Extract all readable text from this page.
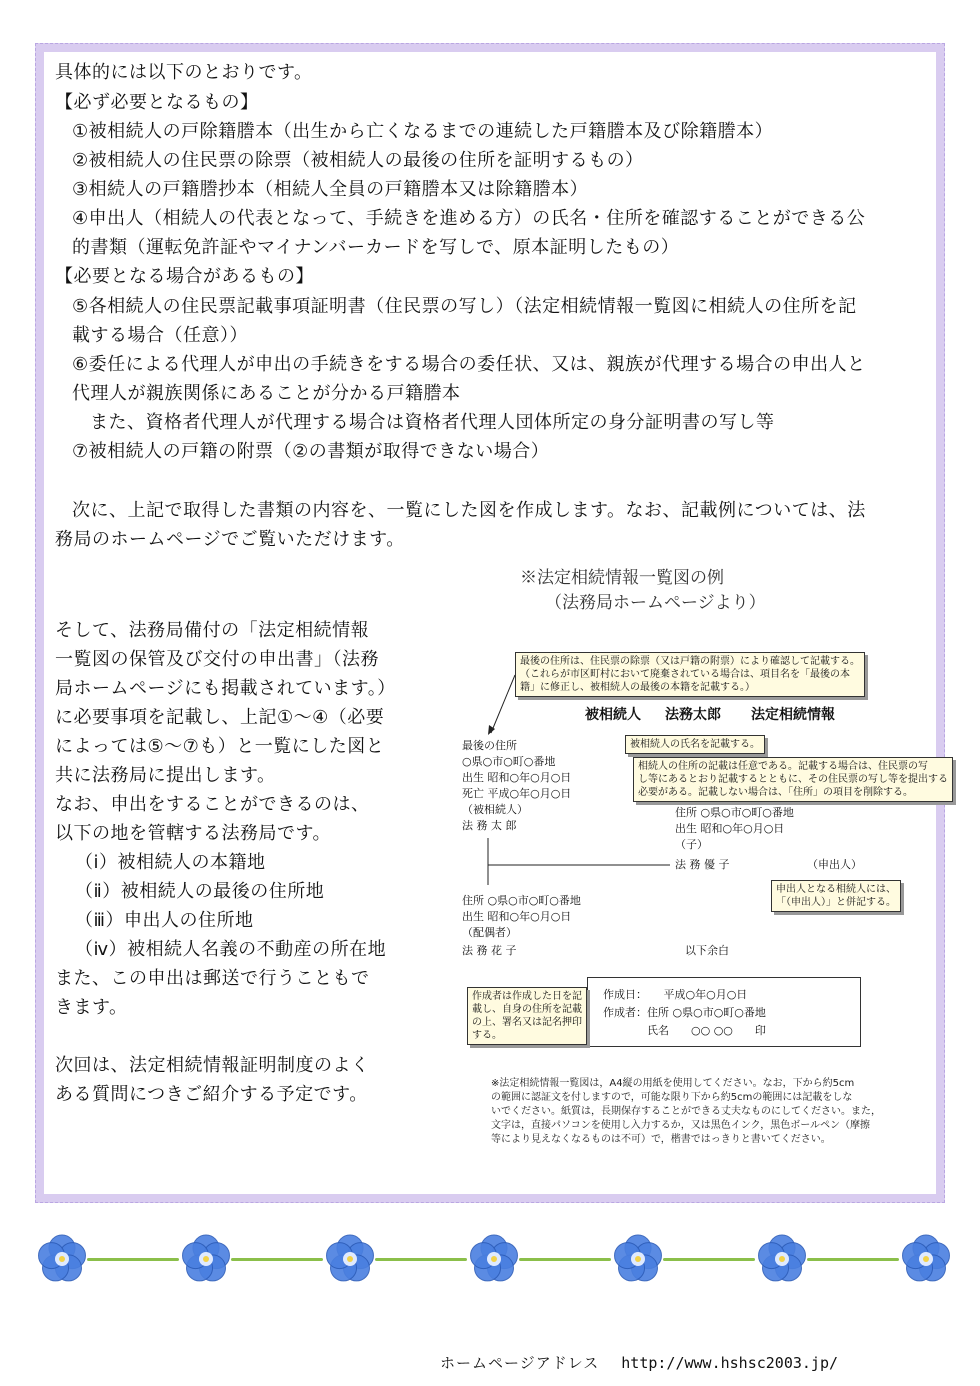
具体的には以下のとおりです。
【必ず必要となるもの】
①被相続人の戸除籍謄本（出生から亡くなるまでの連続した戸籍謄本及び除籍謄本）
②被相続人の住民票の除票（被相続人の最後の住所を証明するもの）
③相続人の戸籍謄抄本（相続人全員の戸籍謄本又は除籍謄本）
④申出人（相続人の代表となって、手続きを進める方）の氏名・住所を確認することができる公
的書類（運転免許証やマイナンバーカードを写しで、原本証明したもの）
【必要となる場合があるもの】
⑤各相続人の住民票記載事項証明書（住民票の写し）（法定相続情報一覧図に相続人の住所を記
載する場合（任意））
⑥委任による代理人が申出の手続きをする場合の委任状、又は、親族が代理する場合の申出人と
代理人が親族関係にあることが分かる戸籍謄本
また、資格者代理人が代理する場合は資格者代理人団体所定の身分証明書の写し等
⑦被相続人の戸籍の附票（②の書類が取得できない場合）
次に、上記で取得した書類の内容を、一覧にした図を作成します。なお、記載例については、法
務局のホームページでご覧いただけます。
そして、法務局備付の「法定相続情報
一覧図の保管及び交付の申出書」（法務
局ホームページにも掲載されています。）
に必要事項を記載し、上記①～④（必要
によっては⑤～⑦も）と一覧にした図と
共に法務局に提出します。
なお、申出をすることができるのは、
以下の地を管轄する法務局です。
（ⅰ）被相続人の本籍地
（ⅱ）被相続人の最後の住所地
（ⅲ）申出人の住所地
（ⅳ）被相続人名義の不動産の所在地
また、この申出は郵送で行うこともで
きます。
次回は、法定相続情報証明制度のよく
ある質問につきご紹介する予定です。
※法定相続情報一覧図の例
（法務局ホームページより）
最後の住所は、住民票の除票（又は戸籍の附票）により確認して記載する。
（これらが市区町村において廃棄されている場合は、項目名を「最後の本
籍」に修正し、被相続人の最後の本籍を記載する。）
被相続人 法務太郎 法定相続情報
被相続人の氏名を記載する。
最後の住所
○県○市○町○番地
出生 昭和○年○月○日
死亡 平成○年○月○日
（被相続人）
法 務 太 郎
相続人の住所の記載は任意である。記載する場合は、住民票の写
し等にあるとおり記載するとともに、その住民票の写し等を提出する
必要がある。記載しない場合は、「住所」の項目を削除する。
住所 ○県○市○町○番地
出生 昭和○年○月○日
（子）
法 務 優 子	（申出人）
申出人となる相続人には、
「（申出人）」と併記する。
住所 ○県○市○町○番地
出生 昭和○年○月○日
（配偶者）
法 務 花 子	以下余白
作成日：　　平成○年○月○日
作成者：住所 ○県○市○町○番地
　　　　氏名　　○○ ○○　　印
作成者は作成した日を記
載し、自身の住所を記載
の上、署名又は記名押印
する。
※法定相続情報一覧図は，A4縦の用紙を使用してください。なお，下から約5cm
の範囲に認証文を付しますので，可能な限り下から約5cmの範囲には記載をしな
いでください。紙質は，長期保存することができる丈夫なものにしてください。また，
文字は，直接パソコンを使用し入力するか，又は黒色インク，黒色ボールペン（摩擦
等により見えなくなるものは不可）で，楷書ではっきりと書いてください。
ホームページアドレス http://www.hshsc2003.jp/
